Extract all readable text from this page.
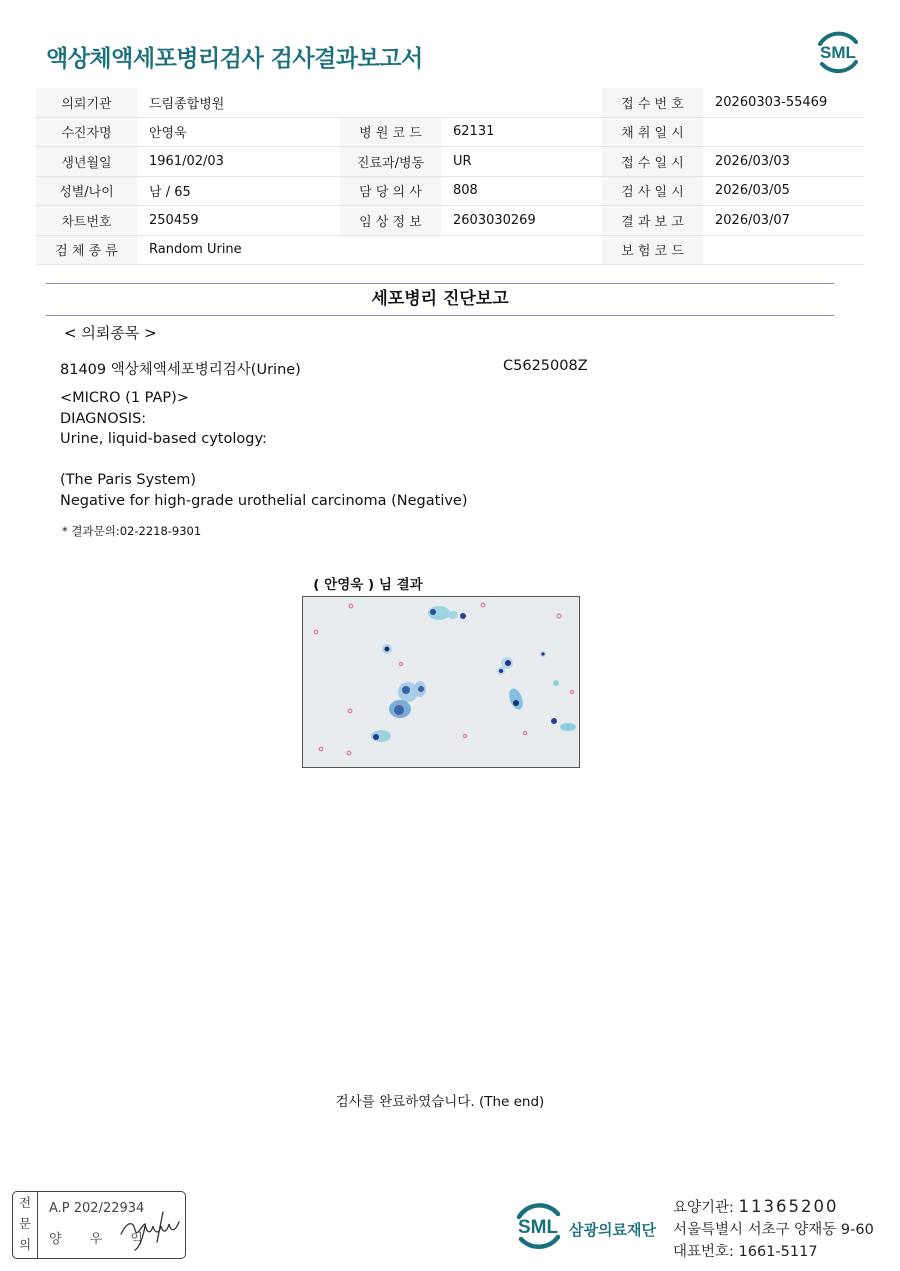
액상체액세포병리검사 검사결과보고서	SML
의뢰기관	드림종합병원			접 수 번 호	20260303-55469
수진자명	안영욱	병 원 코 드	62131	채 취 일 시	
생년월일	1961/02/03	진료과/병동	UR	접 수 일 시	2026/03/03
성별/나이	남 / 65	담 당 의 사	808	검 사 일 시	2026/03/05
차트번호	250459	임 상 정 보	2603030269	결 과 보 고	2026/03/07
검 체 종 류	Random Urine			보 험 코 드	
세포병리 진단보고
< 의뢰종목 >
81409 액상체액세포병리검사(Urine)	C5625008Z
<MICRO (1 PAP)>
DIAGNOSIS:
Urine, liquid-based cytology:
(The Paris System)
Negative for high-grade urothelial carcinoma (Negative)
* 결과문의:02-2218-9301
( 안영욱 ) 님 결과
검사를 완료하였습니다. (The end)
전
문
의
A.P 202/22934
양 우 익
SML 삼광의료재단
요양기관: 11365200
서울특별시 서초구 양재동 9-60
대표번호: 1661-5117
